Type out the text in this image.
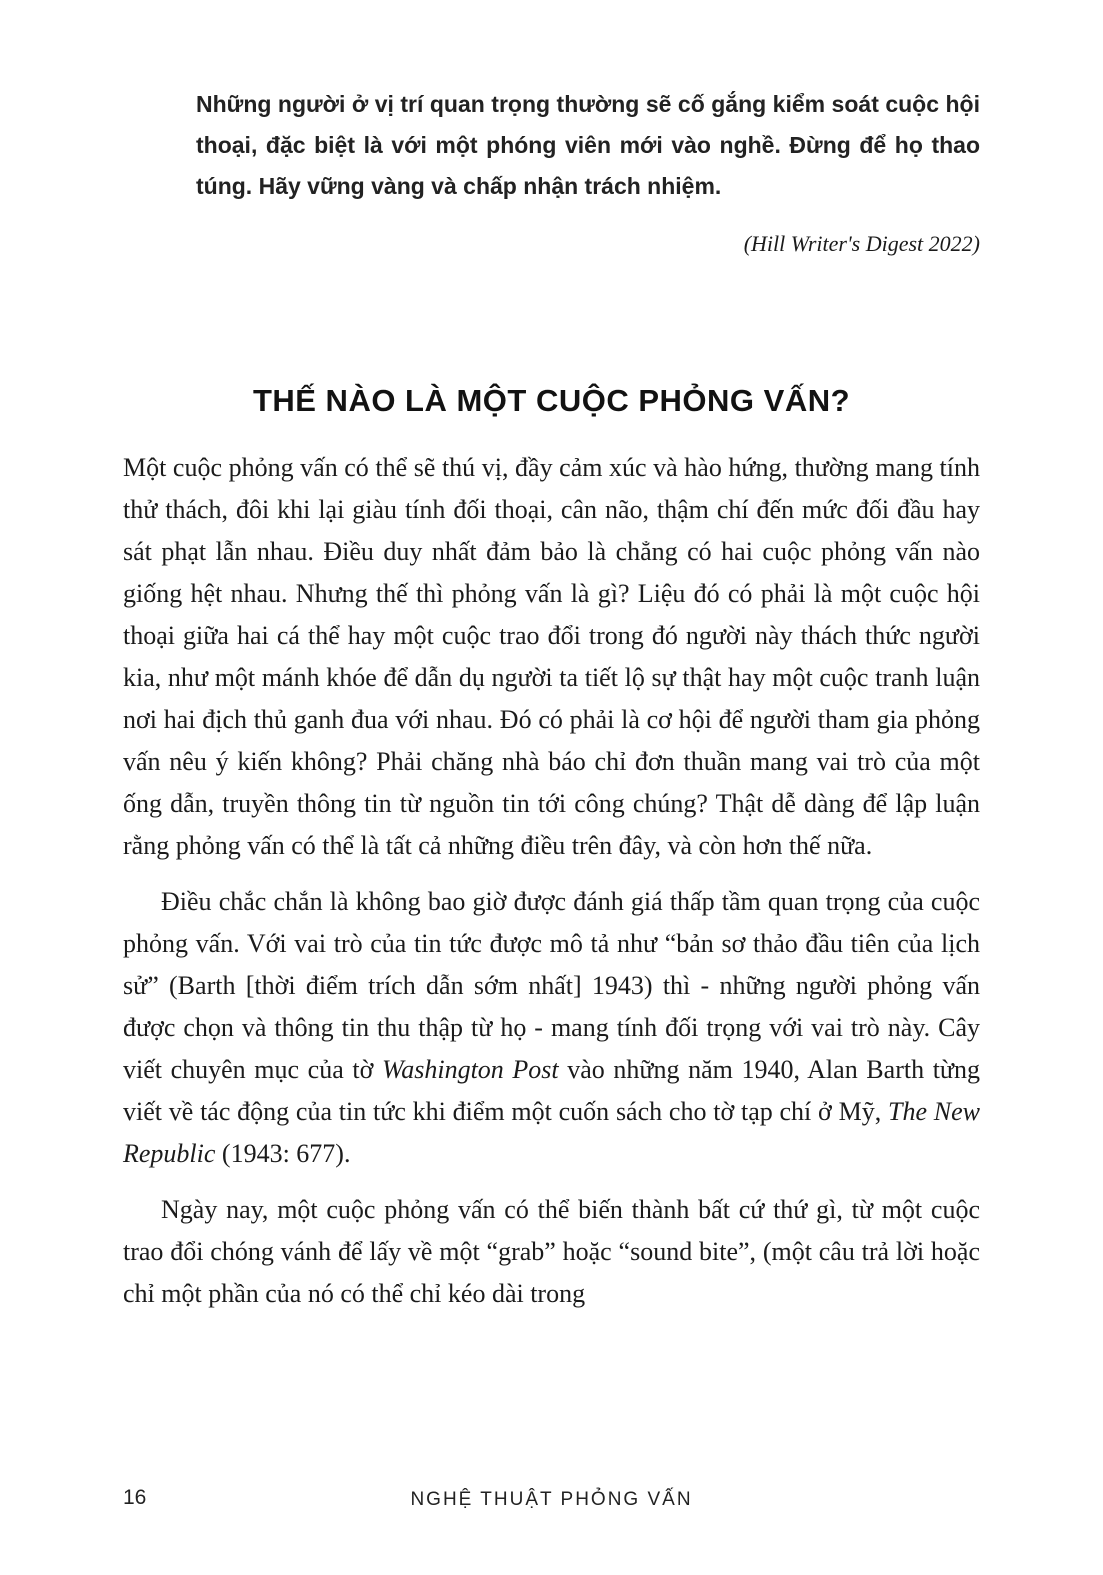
Những người ở vị trí quan trọng thường sẽ cố gắng kiểm soát cuộc hội thoại, đặc biệt là với một phóng viên mới vào nghề. Đừng để họ thao túng. Hãy vững vàng và chấp nhận trách nhiệm.

(Hill Writer's Digest 2022)

THẾ NÀO LÀ MỘT CUỘC PHỎNG VẤN?

Một cuộc phỏng vấn có thể sẽ thú vị, đầy cảm xúc và hào hứng, thường mang tính thử thách, đôi khi lại giàu tính đối thoại, cân não, thậm chí đến mức đối đầu hay sát phạt lẫn nhau. Điều duy nhất đảm bảo là chẳng có hai cuộc phỏng vấn nào giống hệt nhau. Nhưng thế thì phỏng vấn là gì? Liệu đó có phải là một cuộc hội thoại giữa hai cá thể hay một cuộc trao đổi trong đó người này thách thức người kia, như một mánh khóe để dẫn dụ người ta tiết lộ sự thật hay một cuộc tranh luận nơi hai địch thủ ganh đua với nhau. Đó có phải là cơ hội để người tham gia phỏng vấn nêu ý kiến không? Phải chăng nhà báo chỉ đơn thuần mang vai trò của một ống dẫn, truyền thông tin từ nguồn tin tới công chúng? Thật dễ dàng để lập luận rằng phỏng vấn có thể là tất cả những điều trên đây, và còn hơn thế nữa.

Điều chắc chắn là không bao giờ được đánh giá thấp tầm quan trọng của cuộc phỏng vấn. Với vai trò của tin tức được mô tả như “bản sơ thảo đầu tiên của lịch sử” (Barth [thời điểm trích dẫn sớm nhất] 1943) thì - những người phỏng vấn được chọn và thông tin thu thập từ họ - mang tính đối trọng với vai trò này. Cây viết chuyên mục của tờ Washington Post vào những năm 1940, Alan Barth từng viết về tác động của tin tức khi điểm một cuốn sách cho tờ tạp chí ở Mỹ, The New Republic (1943: 677).

Ngày nay, một cuộc phỏng vấn có thể biến thành bất cứ thứ gì, từ một cuộc trao đổi chóng vánh để lấy về một “grab” hoặc “sound bite”, (một câu trả lời hoặc chỉ một phần của nó có thể chỉ kéo dài trong

16	NGHỆ THUẬT PHỎNG VẤN
